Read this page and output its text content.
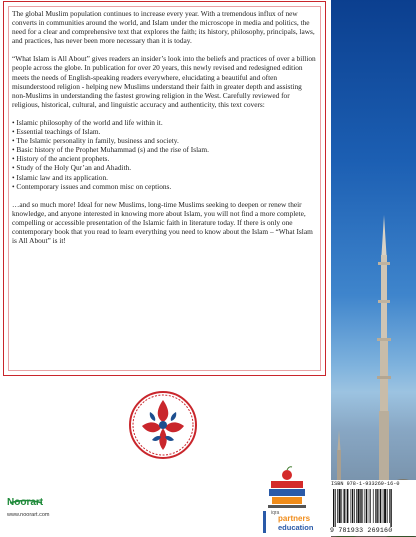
The global Muslim population continues to increase every year. With a tremendous influx of new converts in communities around the world, and Islam under the microscope in media and politics, the need for a clear and comprehensive text that explores the faith; its history, philosophy, principals, laws, and practices, has never been more necessary than it is today.

“What Islam is All About” gives readers an insider’s look into the beliefs and practices of over a billion people across the globe. In publication for over 20 years, this newly revised and redesigned edition meets the needs of English-speaking readers everywhere, elucidating a beautiful and often misunderstood religion - helping new Muslims understand their faith in greater depth and assisting non-Muslims in understanding the fastest growing religion in the West. Carefully reviewed for religious, historical, cultural, and linguistic accuracy and authenticity, this text covers:

• Islamic philosophy of the world and life within it.
• Essential teachings of Islam.
• The Islamic personality in family, business and society.
• Basic history of the Prophet Muhammad (s) and the rise of Islam.
• History of the ancient prophets.
• Study of the Holy Qur’an and Ahadith.
• Islamic law and its application.
• Contemporary issues and common misc on ceptions.

…and so much more! Ideal for new Muslims, long-time Muslims seeking to deepen or renew their knowledge, and anyone interested in knowing more about Islam, you will not find a more complete, compelling or accessible presentation of the Islamic faith in literature today. If there is only one contemporary book that you read to learn everything you need to know about the Islam – “What Islam is All About” is it!

Noorart
www.noorart.com	iqra
partners
education
ISBN 978-1-933269-16-0
9 781933 269160
